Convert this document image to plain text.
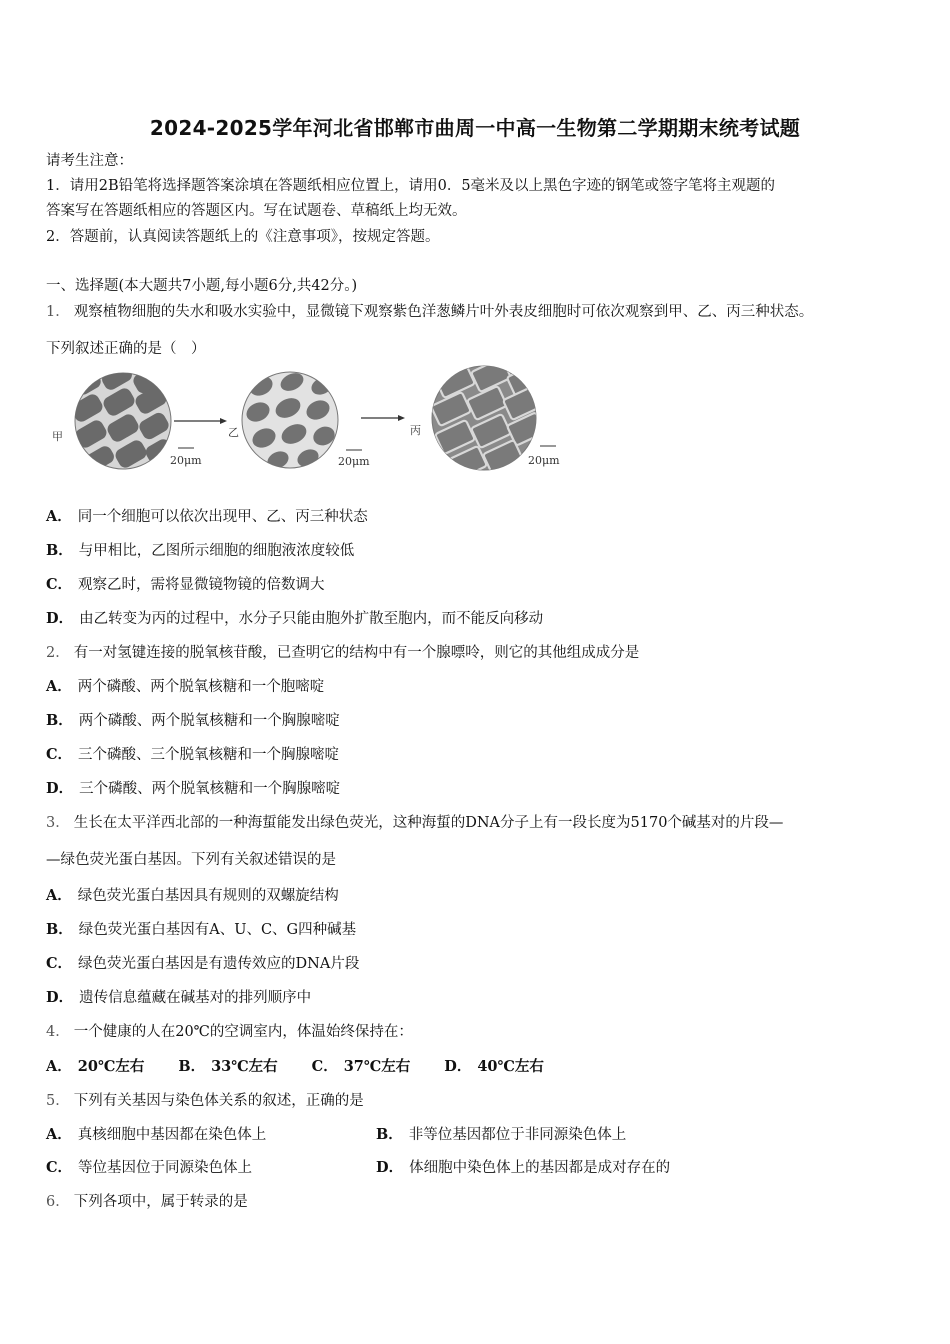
2024-2025学年河北省邯郸市曲周一中高一生物第二学期期末统考试题
请考生注意：
1．请用2B铅笔将选择题答案涂填在答题纸相应位置上，请用0．5毫米及以上黑色字迹的钢笔或签字笔将主观题的
答案写在答题纸相应的答题区内。写在试题卷、草稿纸上均无效。
2．答题前，认真阅读答题纸上的《注意事项》，按规定答题。
一、选择题(本大题共7小题,每小题6分,共42分。)
1． 观察植物细胞的失水和吸水实验中，显微镜下观察紫色洋葱鳞片叶外表皮细胞时可依次观察到甲、乙、丙三种状态。
下列叙述正确的是（　）
甲
20μm
乙
20μm
丙
20μm
A． 同一个细胞可以依次出现甲、乙、丙三种状态
B． 与甲相比，乙图所示细胞的细胞液浓度较低
C． 观察乙时，需将显微镜物镜的倍数调大
D． 由乙转变为丙的过程中，水分子只能由胞外扩散至胞内，而不能反向移动
2． 有一对氢键连接的脱氧核苷酸，已查明它的结构中有一个腺嘌呤，则它的其他组成成分是
A． 两个磷酸、两个脱氧核糖和一个胞嘧啶
B． 两个磷酸、两个脱氧核糖和一个胸腺嘧啶
C． 三个磷酸、三个脱氧核糖和一个胸腺嘧啶
D． 三个磷酸、两个脱氧核糖和一个胸腺嘧啶
3． 生长在太平洋西北部的一种海蜇能发出绿色荧光，这种海蜇的DNA分子上有一段长度为5170个碱基对的片段—
—绿色荧光蛋白基因。下列有关叙述错误的是
A． 绿色荧光蛋白基因具有规则的双螺旋结构
B． 绿色荧光蛋白基因有A、U、C、G四种碱基
C． 绿色荧光蛋白基因是有遗传效应的DNA片段
D． 遗传信息蕴藏在碱基对的排列顺序中
4． 一个健康的人在20℃的空调室内，体温始终保持在：
A． 20℃左右 B． 33℃左右 C． 37℃左右 D． 40℃左右
5． 下列有关基因与染色体关系的叙述，正确的是
A． 真核细胞中基因都在染色体上	B． 非等位基因都位于非同源染色体上
C． 等位基因位于同源染色体上	D． 体细胞中染色体上的基因都是成对存在的
6． 下列各项中，属于转录的是
